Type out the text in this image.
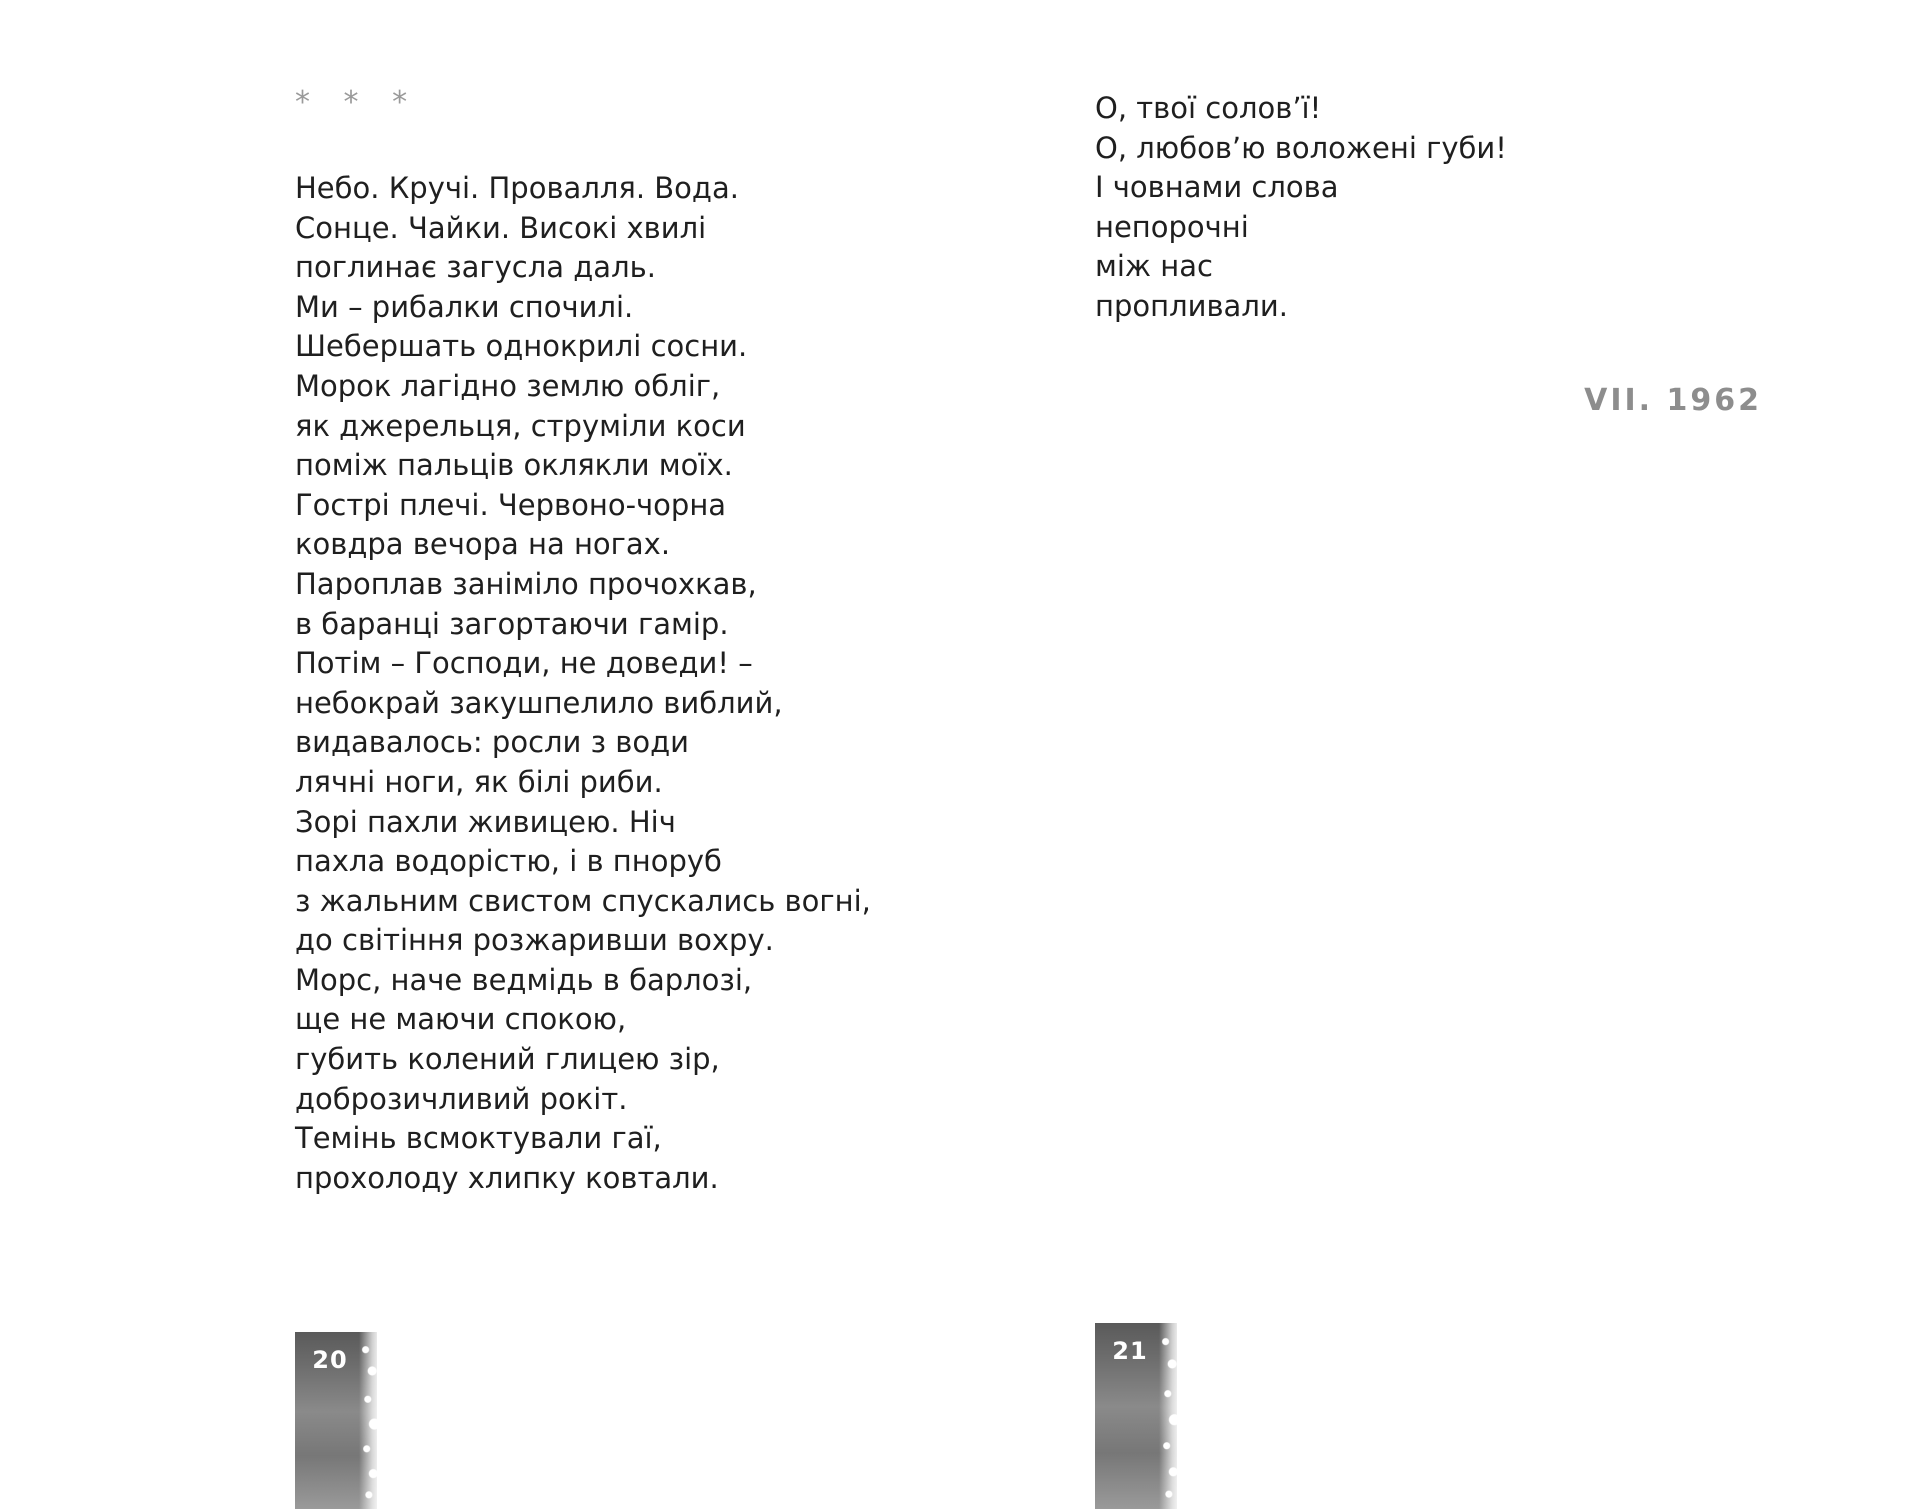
* * *
Небо. Кручі. Провалля. Вода.
Сонце. Чайки. Високі хвилі
поглинає загусла даль.
Ми – рибалки спочилі.
Шебершать однокрилі сосни.
Морок лагідно землю обліг,
як джерельця, струміли коси
поміж пальців оклякли моїх.
Гострі плечі. Червоно-чорна
ковдра вечора на ногах.
Пароплав заніміло прочохкав,
в баранці загортаючи гамір.
Потім – Господи, не доведи! –
небокрай закушпелило виблий,
видавалось: росли з води
лячні ноги, як білі риби.
Зорі пахли живицею. Ніч
пахла водорістю, і в пноруб
з жальним свистом спускались вогні,
до світіння розжаривши вохру.
Морс, наче ведмідь в барлозі,
ще не маючи спокою,
губить колений глицею зір,
доброзичливий рокіт.
Темінь всмоктували гаї,
прохолоду хлипку ковтали.
20
О, твої солов’ї!
О, любов’ю воложені губи!
І човнами слова
непорочні
між нас
пропливали.
VII. 1962
21
